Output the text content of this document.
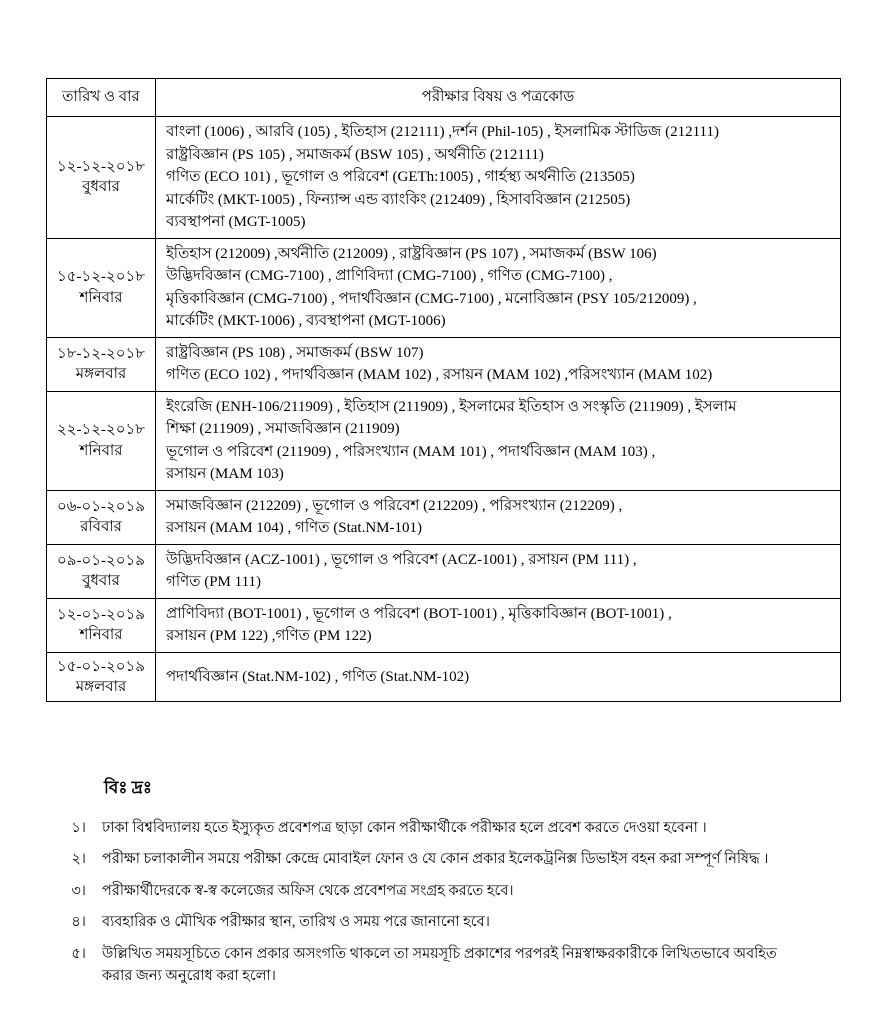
তারিখ ও বার	পরীক্ষার বিষয় ও পত্রকোড

১২-১২-২০১৮
বুধবার	বাংলা (1006) , আরবি (105) , ইতিহাস (212111) ,দর্শন (Phil-105) , ইসলামিক স্টাডিজ (212111)
রাষ্ট্রবিজ্ঞান (PS 105) , সমাজকর্ম (BSW 105) , অর্থনীতি (212111)
গণিত (ECO 101) , ভূগোল ও পরিবেশ (GETh:1005) , গার্হস্থ্য অর্থনীতি (213505)
মার্কেটিং (MKT-1005) , ফিন্যান্স এন্ড ব্যাংকিং (212409) , হিসাববিজ্ঞান (212505)
ব্যবস্থাপনা (MGT-1005)

১৫-১২-২০১৮
শনিবার	ইতিহাস (212009) ,অর্থনীতি (212009) , রাষ্ট্রবিজ্ঞান (PS 107) , সমাজকর্ম (BSW 106)
উদ্ভিদবিজ্ঞান (CMG-7100) , প্রাণিবিদ্যা (CMG-7100) , গণিত (CMG-7100) ,
মৃত্তিকাবিজ্ঞান (CMG-7100) , পদার্থবিজ্ঞান (CMG-7100) , মনোবিজ্ঞান (PSY 105/212009) ,
মার্কেটিং (MKT-1006) , ব্যবস্থাপনা (MGT-1006)

১৮-১২-২০১৮
মঙ্গলবার	রাষ্ট্রবিজ্ঞান (PS 108) , সমাজকর্ম (BSW 107)
গণিত (ECO 102) , পদার্থবিজ্ঞান (MAM 102) , রসায়ন (MAM 102) ,পরিসংখ্যান (MAM 102)

২২-১২-২০১৮
শনিবার	ইংরেজি (ENH-106/211909) , ইতিহাস (211909) , ইসলামের ইতিহাস ও সংস্কৃতি (211909) , ইসলাম
শিক্ষা (211909) , সমাজবিজ্ঞান (211909)
ভূগোল ও পরিবেশ (211909) , পরিসংখ্যান (MAM 101) , পদার্থবিজ্ঞান (MAM 103) ,
রসায়ন (MAM 103)

০৬-০১-২০১৯
রবিবার	সমাজবিজ্ঞান (212209) , ভূগোল ও পরিবেশ (212209) , পরিসংখ্যান (212209) ,
রসায়ন (MAM 104) , গণিত (Stat.NM-101)

০৯-০১-২০১৯
বুধবার	উদ্ভিদবিজ্ঞান (ACZ-1001) , ভূগোল ও পরিবেশ (ACZ-1001) , রসায়ন (PM 111) ,
গণিত (PM 111)

১২-০১-২০১৯
শনিবার	প্রাণিবিদ্যা (BOT-1001) , ভূগোল ও পরিবেশ (BOT-1001) , মৃত্তিকাবিজ্ঞান (BOT-1001) ,
রসায়ন (PM 122) ,গণিত (PM 122)

১৫-০১-২০১৯
মঙ্গলবার	পদার্থবিজ্ঞান (Stat.NM-102) , গণিত (Stat.NM-102)
বিঃ দ্রঃ
১।	ঢাকা বিশ্ববিদ্যালয় হতে ইস্যুকৃত প্রবেশপত্র ছাড়া কোন পরীক্ষার্থীকে পরীক্ষার হলে প্রবেশ করতে দেওয়া হবেনা ।
২।	পরীক্ষা চলাকালীন সময়ে পরীক্ষা কেন্দ্রে মোবাইল ফোন ও যে কোন প্রকার ইলেকট্রনিক্স ডিভাইস বহন করা সম্পূর্ণ নিষিদ্ধ ।
৩।	পরীক্ষার্থীদেরকে স্ব-স্ব কলেজের অফিস থেকে প্রবেশপত্র সংগ্রহ করতে হবে।
৪।	ব্যবহারিক ও মৌখিক পরীক্ষার স্থান, তারিখ ও সময় পরে জানানো হবে।
৫।	উল্লিখিত সময়সূচিতে কোন প্রকার অসংগতি থাকলে তা সময়সূচি প্রকাশের পরপরই নিম্নস্বাক্ষরকারীকে লিখিতভাবে অবহিত করার জন্য অনুরোধ করা হলো।
